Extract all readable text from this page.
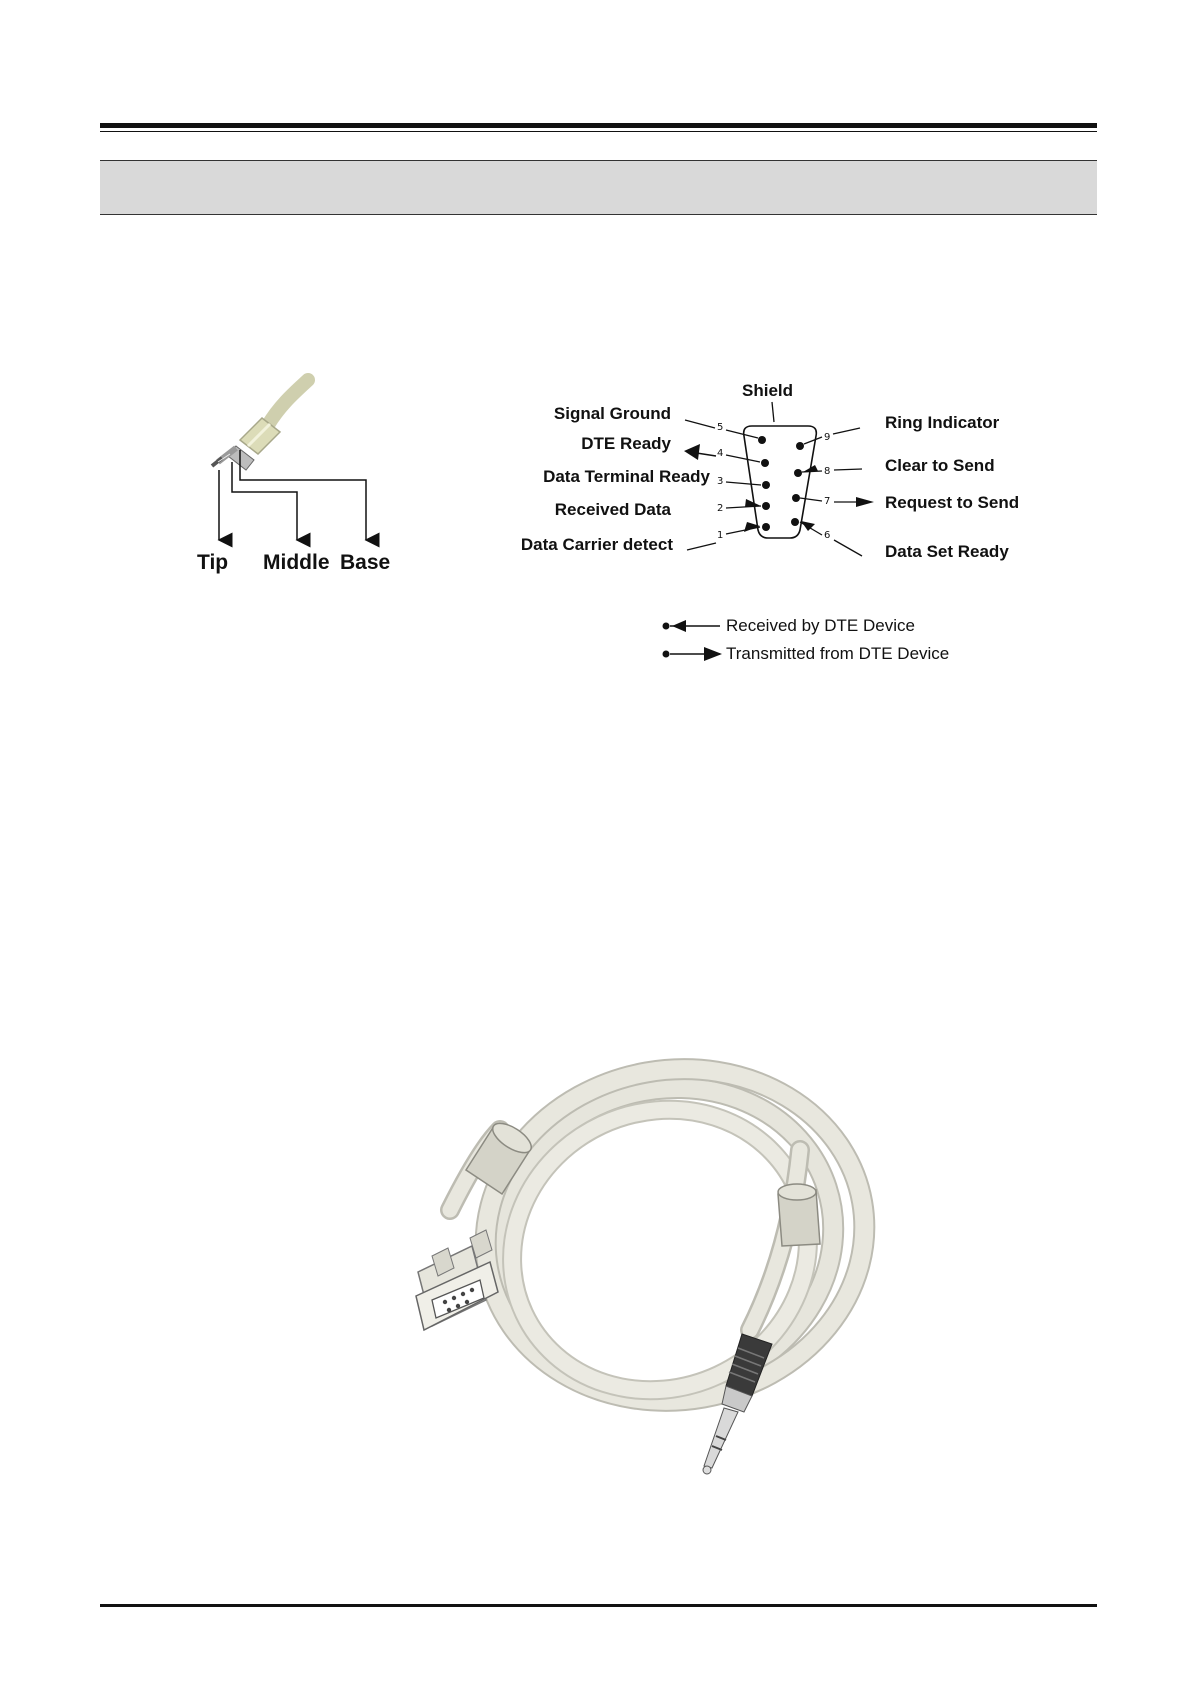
Tip Middle Base
Shield
Signal Ground
DTE Ready
Data Terminal Ready
Received Data
Data Carrier detect
5
4
3
2
1
9
8
7
6
Ring Indicator
Clear to Send
Request to Send
Data Set Ready
Received by DTE Device
Transmitted from DTE Device
